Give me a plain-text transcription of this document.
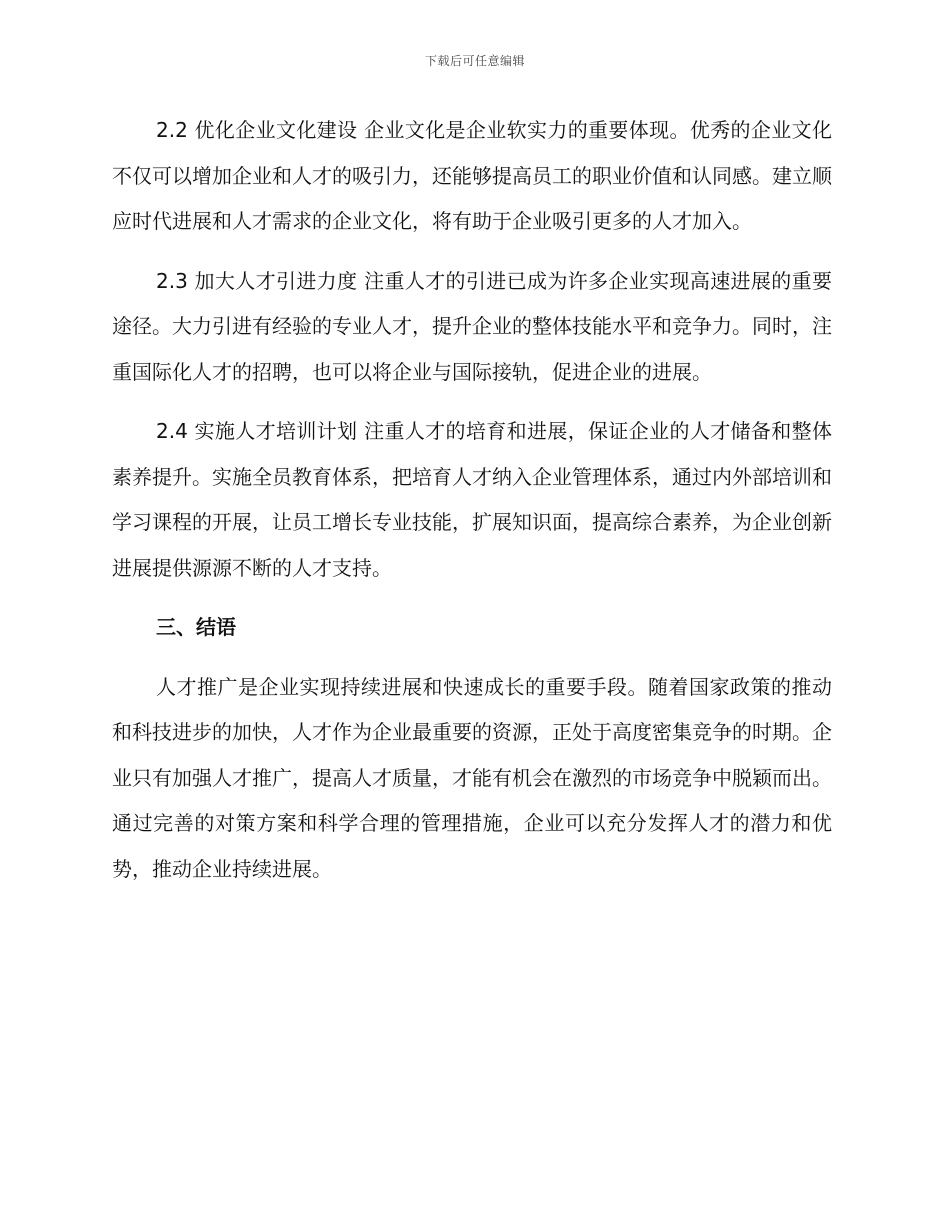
下载后可任意编辑

2.2 优化企业文化建设 企业文化是企业软实力的重要体现。优秀的企业文化不仅可以增加企业和人才的吸引力，还能够提高员工的职业价值和认同感。建立顺应时代进展和人才需求的企业文化，将有助于企业吸引更多的人才加入。

2.3 加大人才引进力度 注重人才的引进已成为许多企业实现高速进展的重要途径。大力引进有经验的专业人才，提升企业的整体技能水平和竞争力。同时，注重国际化人才的招聘，也可以将企业与国际接轨，促进企业的进展。

2.4 实施人才培训计划 注重人才的培育和进展，保证企业的人才储备和整体素养提升。实施全员教育体系，把培育人才纳入企业管理体系，通过内外部培训和学习课程的开展，让员工增长专业技能，扩展知识面，提高综合素养，为企业创新进展提供源源不断的人才支持。

三、结语

人才推广是企业实现持续进展和快速成长的重要手段。随着国家政策的推动和科技进步的加快，人才作为企业最重要的资源，正处于高度密集竞争的时期。企业只有加强人才推广，提高人才质量，才能有机会在激烈的市场竞争中脱颖而出。通过完善的对策方案和科学合理的管理措施，企业可以充分发挥人才的潜力和优势，推动企业持续进展。
